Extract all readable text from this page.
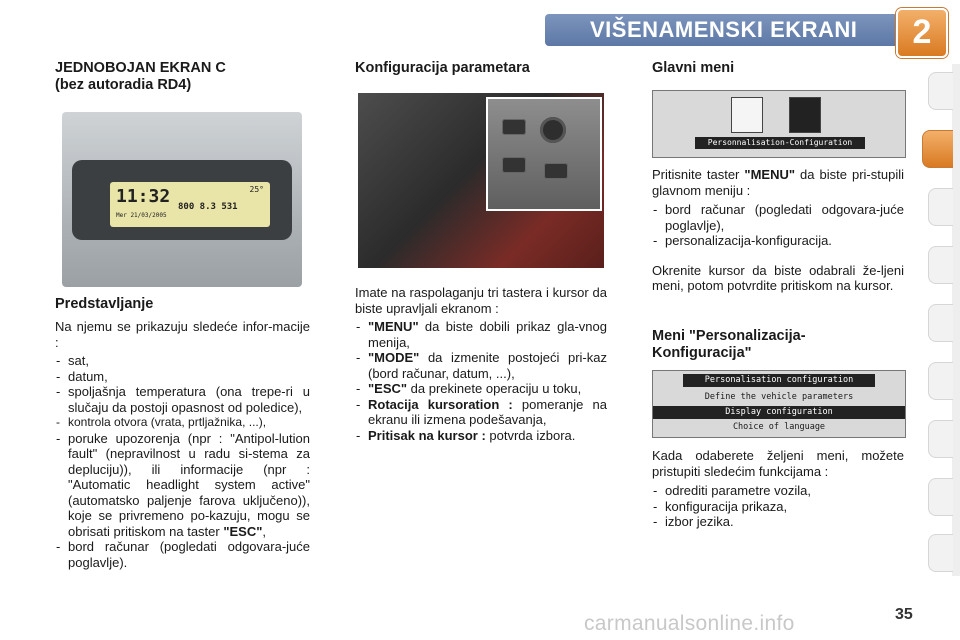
VIŠENAMENSKI EKRANI	2
JEDNOBOJAN EKRAN C
(bez autoradia RD4)
11:32
Mer 21/03/2005
25°
800 8.3 531
Predstavljanje

Na njemu se prikazuju sledeće infor-macije :

- sat,
- datum,
- spoljašnja temperatura (ona trepe-ri u slučaju da postoji opasnost od poledice),
- kontrola otvora (vrata, prtljažnika, ...),
- poruke upozorenja (npr : "Antipol-lution fault" (nepravilnost u radu si-stema za depluciju)), ili informacije (npr : "Automatic headlight system active" (automatsko paljenje farova uključeno)), koje se privremeno po-kazuju, mogu se obrisati pritiskom na taster "ESC",
- bord računar (pogledati odgovara-juće poglavlje).
Konfiguracija parametara

Imate na raspolaganju tri tastera i kursor da biste upravljali ekranom :

- "MENU" da biste dobili prikaz gla-vnog menija,
- "MODE" da izmenite postojeći pri-kaz (bord računar, datum, ...),
- "ESC" da prekinete operaciju u toku,
- Rotacija kursoration : pomeranje na ekranu ili izmena podešavanja,
- Pritisak na kursor : potvrda izbora.
Glavni meni
Personnalisation-Configuration

Pritisnite taster "MENU" da biste pri-stupili glavnom meniju :

- bord računar (pogledati odgovara-juće poglavlje),
- personalizacija-konfiguracija.

Okrenite kursor da biste odabrali že-ljeni meni, potom potvrdite pritiskom na kursor.

Meni "Personalizacija-
Konfiguracija"
Personalisation configuration
Define the vehicle parameters
Display configuration
Choice of language

Kada odaberete željeni meni, možete pristupiti sledećim funkcijama :

- odrediti parametre vozila,
- konfiguracija prikaza,
- izbor jezika.
carmanualsonline.info	35
